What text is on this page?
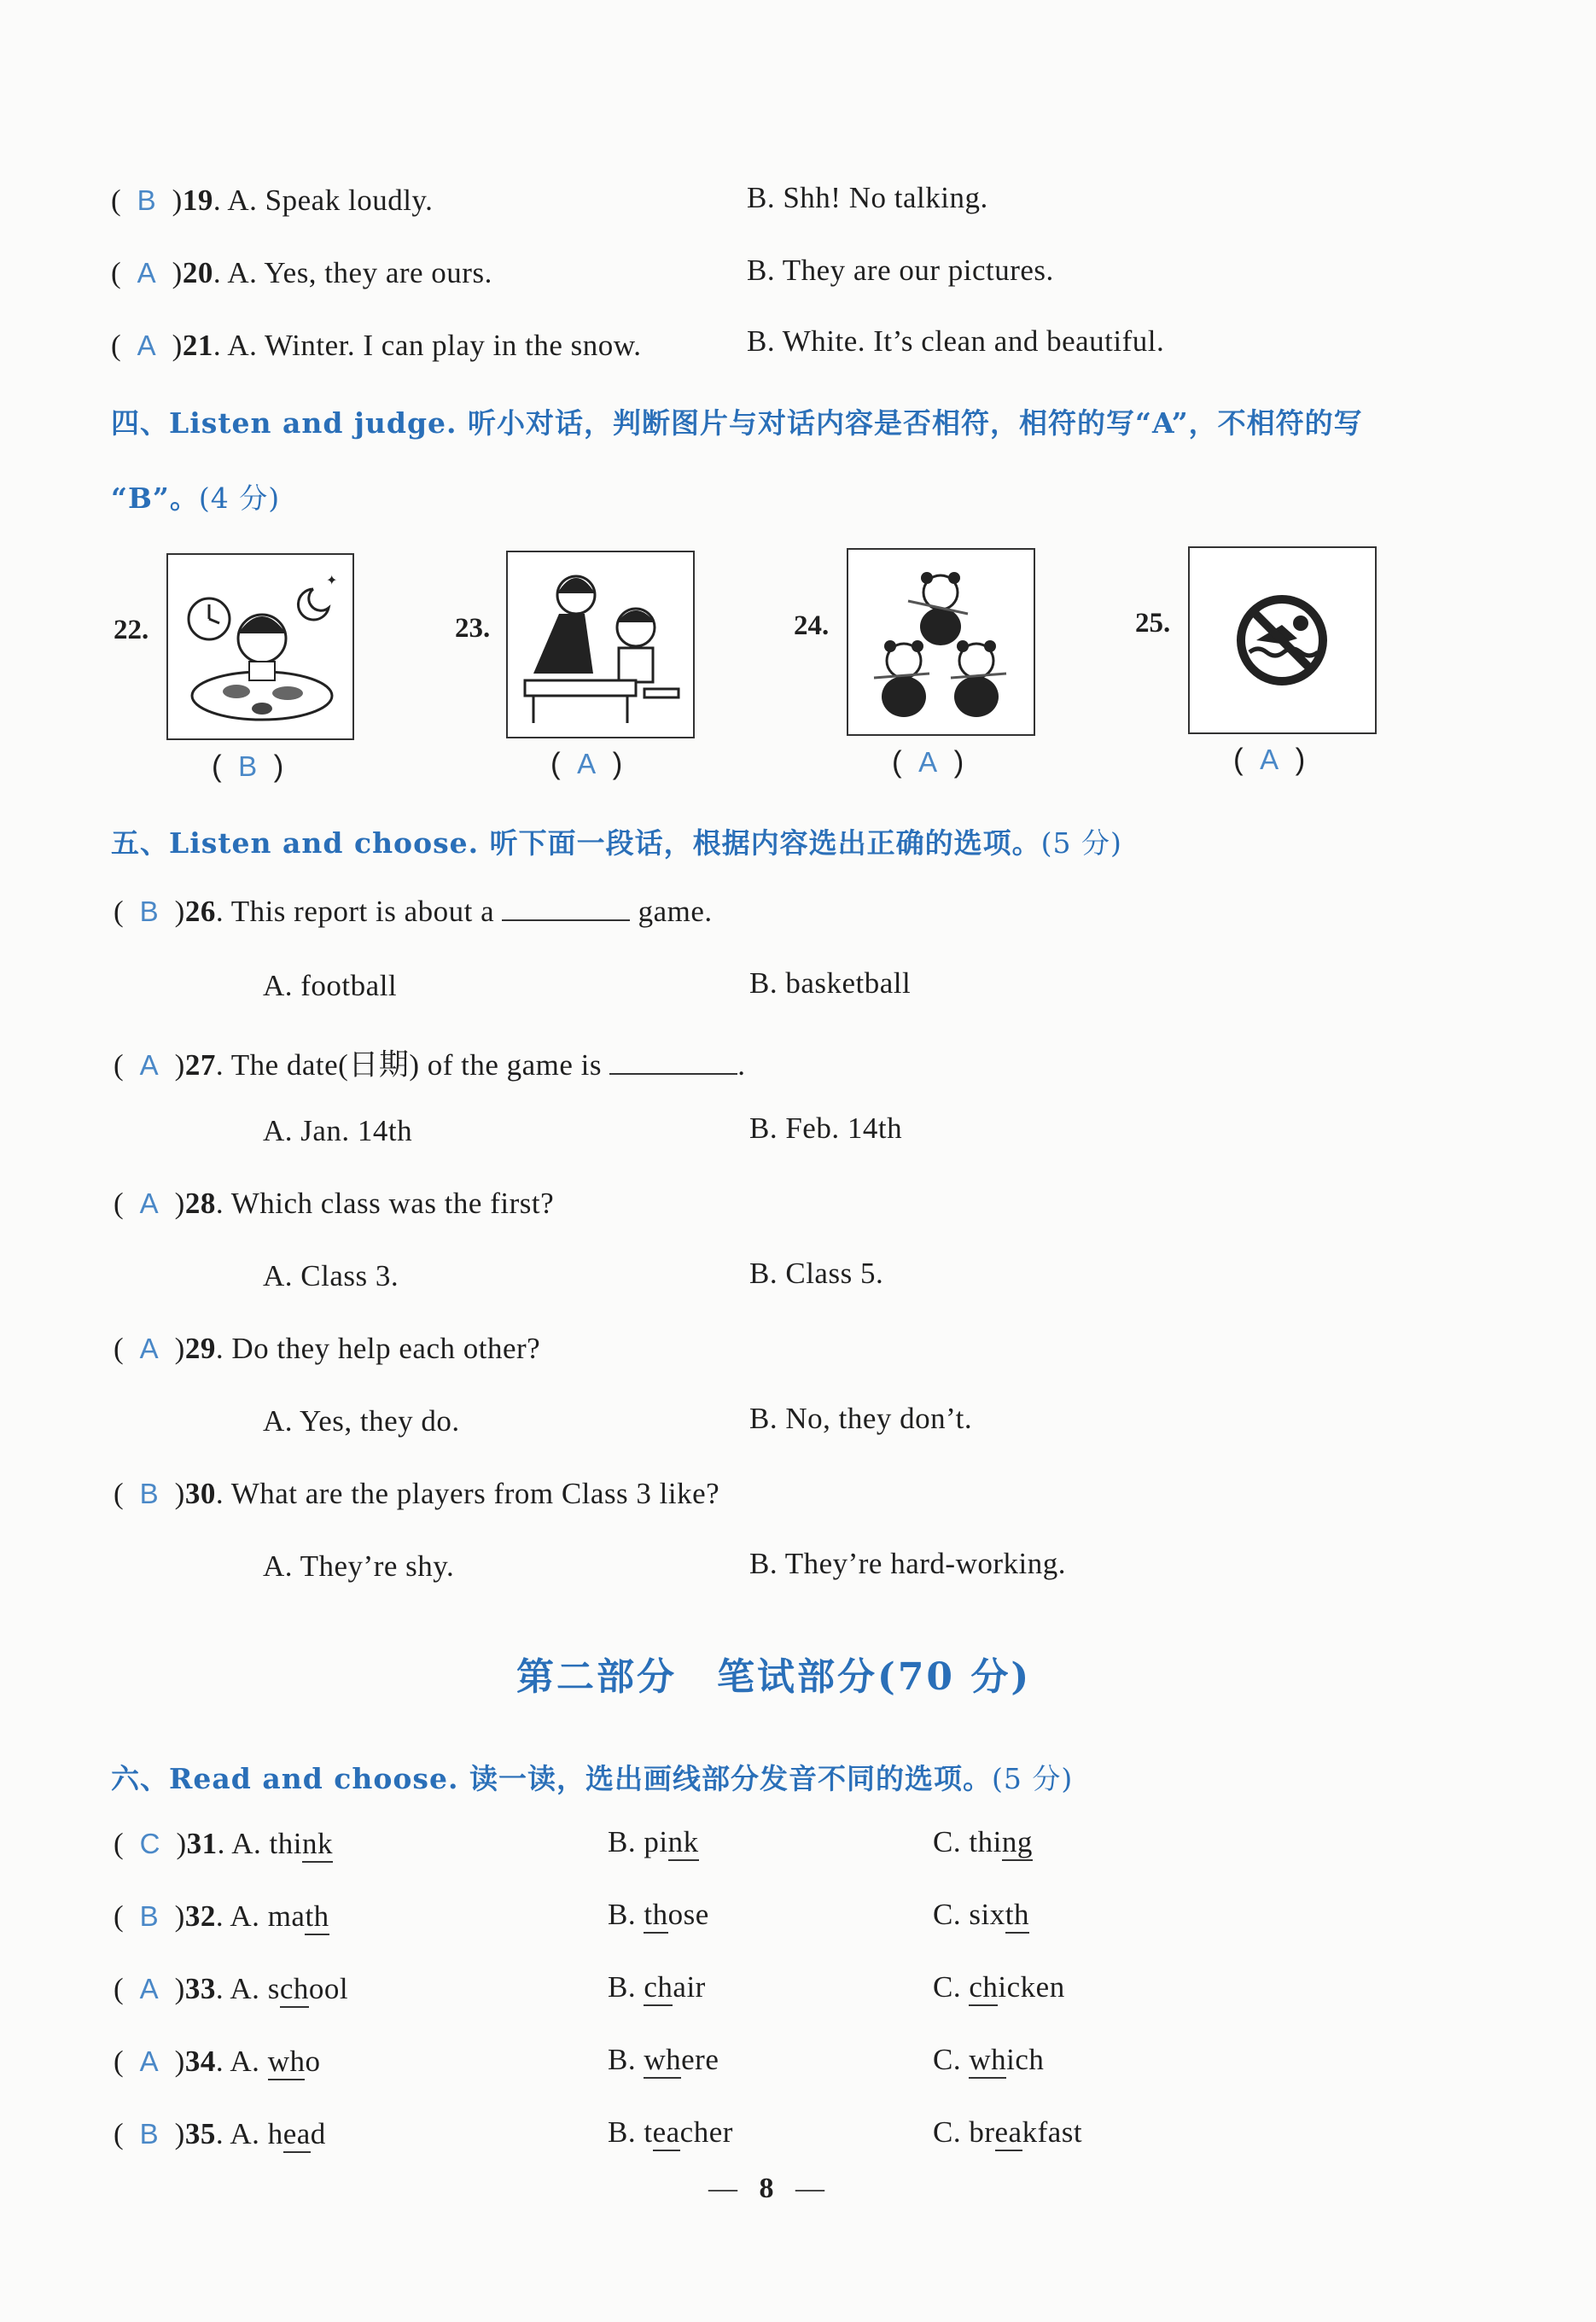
(  B  )19. A. Speak loudly.	B. Shh! No talking.
(  A  )20. A. Yes, they are ours.	B. They are our pictures.
(  A  )21. A. Winter. I can play in the snow.	B. White. It’s clean and beautiful.
四、Listen and judge. 听小对话，判断图片与对话内容是否相符，相符的写“A”，不相符的写
“B”。(4 分)
22.
✦
(  B  )
23.
(  A  )
24.
(  A  )
25.
(  A  )
五、Listen and choose. 听下面一段话，根据内容选出正确的选项。(5 分)
(  B  )26. This report is about a	game.
A. football	B. basketball
(  A  )27. The date(日期) of the game is	.
A. Jan. 14th	B. Feb. 14th
(  A  )28. Which class was the first?
A. Class 3.	B. Class 5.
(  A  )29. Do they help each other?
A. Yes, they do.	B. No, they don’t.
(  B  )30. What are the players from Class 3 like?
A. They’re shy.	B. They’re hard-working.
第二部分　笔试部分(70 分)
六、Read and choose. 读一读，选出画线部分发音不同的选项。(5 分)
(  C  )31. A. think	B. pink	C. thing
(  B  )32. A. math	B. those	C. sixth
(  A  )33. A. school	B. chair	C. chicken
(  A  )34. A. who	B. where	C. which
(  B  )35. A. head	B. teacher	C. breakfast
— 8 —
